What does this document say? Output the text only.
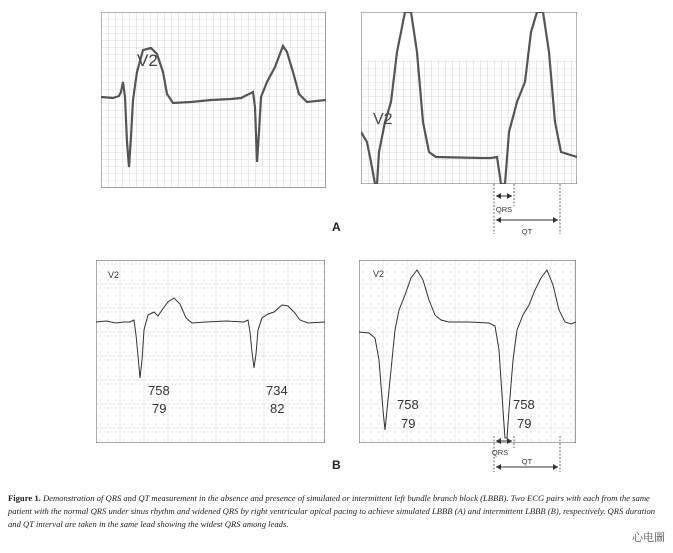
V2
V2
QRS
QT
A
V2
758
79
734
82
V2
758
79
758
79
QRS
QT
B
Figure 1. Demonstration of QRS and QT measurement in the absence and presence of simulated or intermittent left bundle branch block (LBBB). Two ECG pairs with each from the same patient with the normal QRS under sinus rhythm and widened QRS by right ventricular apical pacing to achieve simulated LBBB (A) and intermittent LBBB (B), respectively. QRS duration and QT interval are taken in the same lead showing the widest QRS among leads.
心电圖
